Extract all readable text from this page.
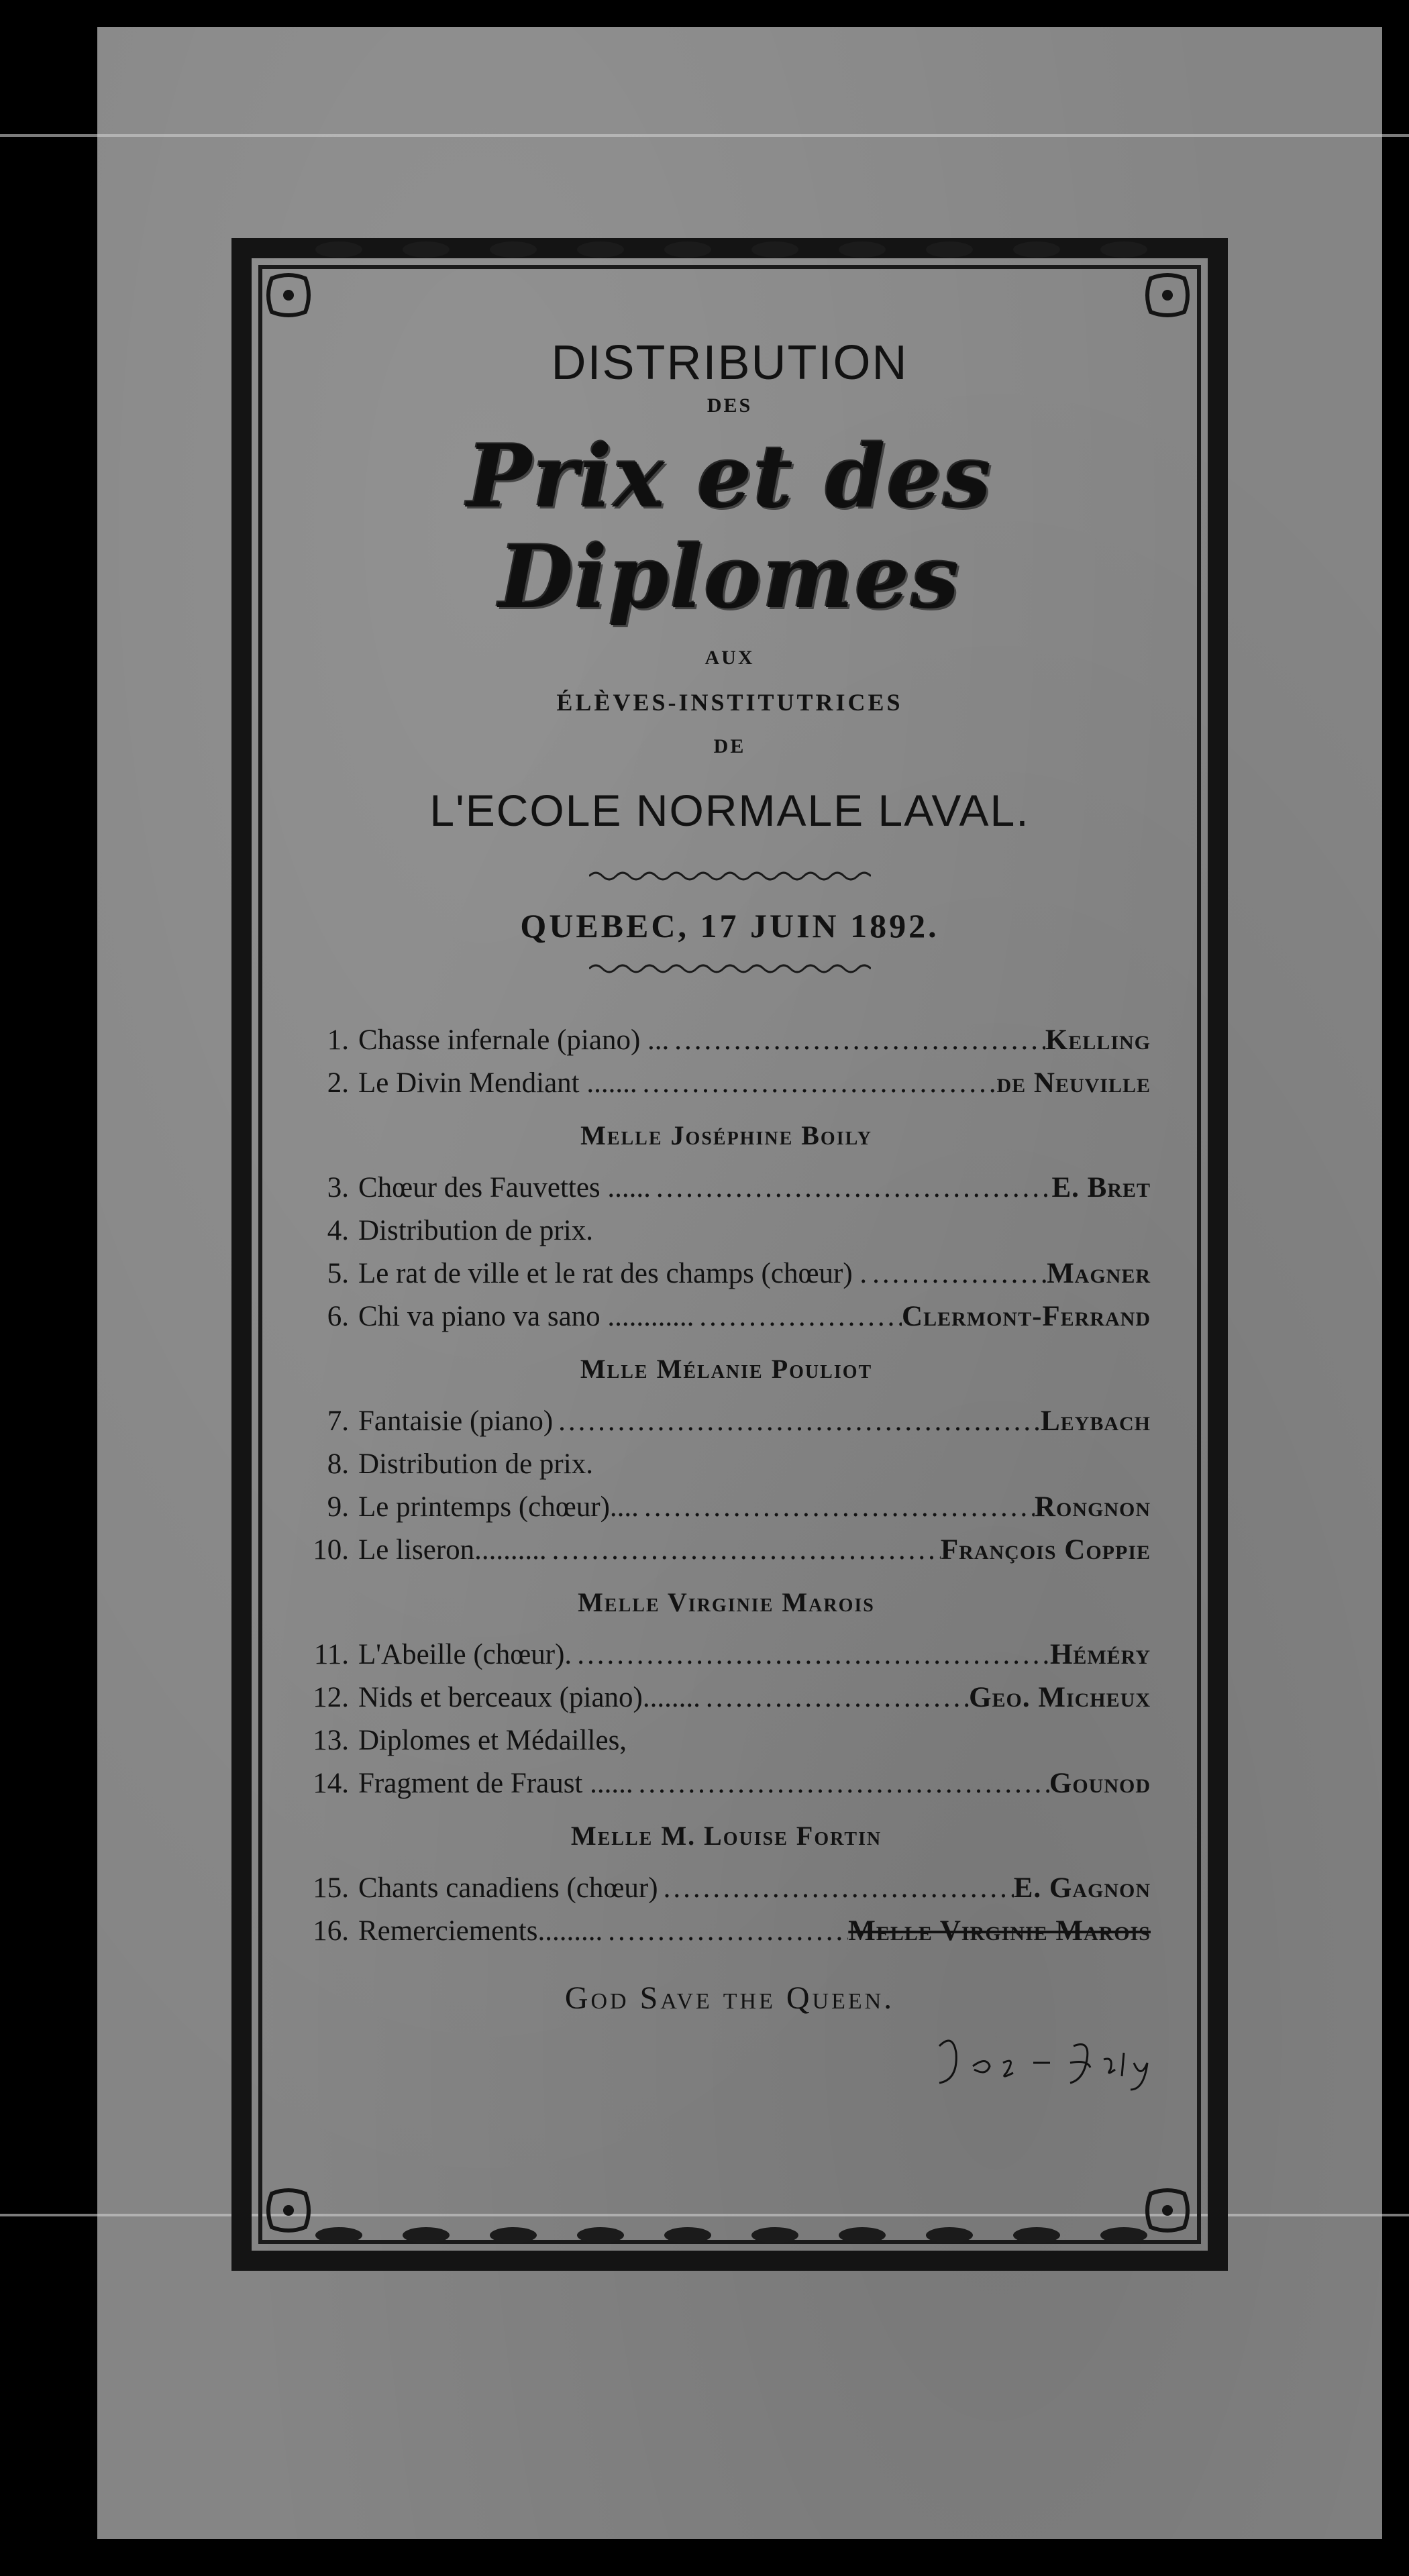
DISTRIBUTION
DES
Prix et des Diplomes
AUX
ÉLÈVES-INSTITUTRICES
DE
L'ECOLE NORMALE LAVAL.
QUEBEC, 17 JUIN 1892.
1. Chasse infernale (piano) ... .....	Kelling
2. Le Divin Mendiant ....... .....	de Neuville
Melle Joséphine Boily
3. Chœur des Fauvettes ...... .....	E. Bret
4. Distribution de prix.
5. Le rat de ville et le rat des champs (chœur) . .....	Magner
6. Chi va piano va sano ............ .....	Clermont-Ferrand
Mlle Mélanie Pouliot
7. Fantaisie (piano) .....	Leybach
8. Distribution de prix.
9. Le printemps (chœur).... .....	Rongnon
10. Le liseron.......... .....	François Coppie
Melle Virginie Marois
11. L'Abeille (chœur). .....	Héméry
12. Nids et berceaux (piano)........ .....	Geo. Micheux
13. Diplomes et Médailles,
14. Fragment de Fraust ...... .....	Gounod
Melle M. Louise Fortin
15. Chants canadiens (chœur) .....	E. Gagnon
16. Remerciements......... .....	Melle Virginie Marois
God Save the Queen.
